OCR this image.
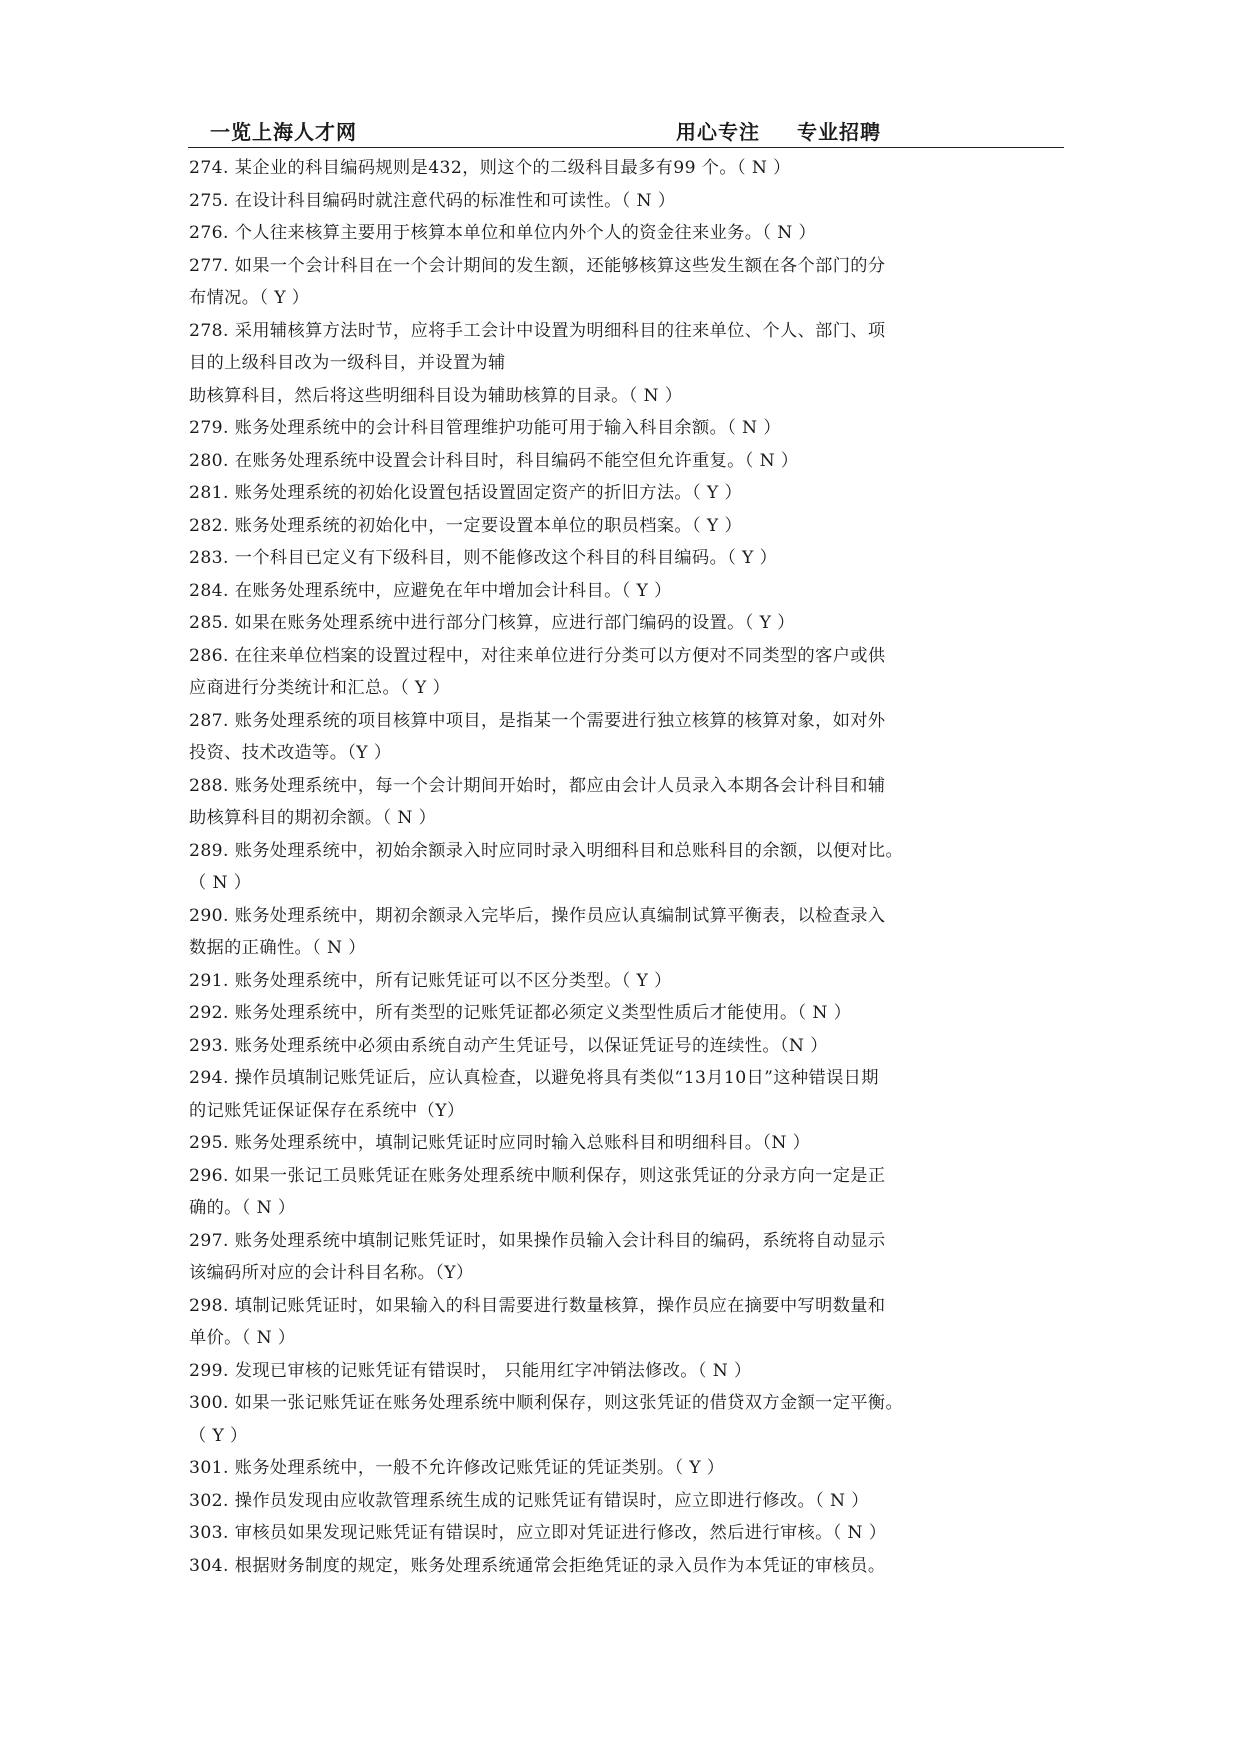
一览上海人才网	用心专注 专业招聘
274. 某企业的科目编码规则是432，则这个的二级科目最多有99 个。（ N ）
275. 在设计科目编码时就注意代码的标准性和可读性。（ N ）
276. 个人往来核算主要用于核算本单位和单位内外个人的资金往来业务。（ N ）
277. 如果一个会计科目在一个会计期间的发生额，还能够核算这些发生额在各个部门的分
布情况。（ Y ）
278. 采用辅核算方法时节，应将手工会计中设置为明细科目的往来单位、个人、部门、项
目的上级科目改为一级科目，并设置为辅
助核算科目，然后将这些明细科目设为辅助核算的目录。（ N ）
279. 账务处理系统中的会计科目管理维护功能可用于输入科目余额。（ N ）
280. 在账务处理系统中设置会计科目时，科目编码不能空但允许重复。（ N ）
281. 账务处理系统的初始化设置包括设置固定资产的折旧方法。（ Y ）
282. 账务处理系统的初始化中，一定要设置本单位的职员档案。（ Y ）
283. 一个科目已定义有下级科目，则不能修改这个科目的科目编码。（ Y ）
284. 在账务处理系统中，应避免在年中增加会计科目。（ Y ）
285. 如果在账务处理系统中进行部分门核算，应进行部门编码的设置。（ Y ）
286. 在往来单位档案的设置过程中，对往来单位进行分类可以方便对不同类型的客户或供
应商进行分类统计和汇总。（ Y ）
287. 账务处理系统的项目核算中项目，是指某一个需要进行独立核算的核算对象，如对外
投资、技术改造等。（Y ）
288. 账务处理系统中，每一个会计期间开始时，都应由会计人员录入本期各会计科目和辅
助核算科目的期初余额。（ N ）
289. 账务处理系统中，初始余额录入时应同时录入明细科目和总账科目的余额，以便对比。
（ N ）
290. 账务处理系统中，期初余额录入完毕后，操作员应认真编制试算平衡表，以检查录入
数据的正确性。（ N ）
291. 账务处理系统中，所有记账凭证可以不区分类型。（ Y ）
292. 账务处理系统中，所有类型的记账凭证都必须定义类型性质后才能使用。（ N ）
293. 账务处理系统中必须由系统自动产生凭证号，以保证凭证号的连续性。（N ）
294. 操作员填制记账凭证后，应认真检查，以避免将具有类似“13月10日”这种错误日期
的记账凭证保证保存在系统中（Y）
295. 账务处理系统中，填制记账凭证时应同时输入总账科目和明细科目。（N ）
296. 如果一张记工员账凭证在账务处理系统中顺利保存，则这张凭证的分录方向一定是正
确的。（ N ）
297. 账务处理系统中填制记账凭证时，如果操作员输入会计科目的编码，系统将自动显示
该编码所对应的会计科目名称。（Y）
298. 填制记账凭证时，如果输入的科目需要进行数量核算，操作员应在摘要中写明数量和
单价。（ N ）
299. 发现已审核的记账凭证有错误时， 只能用红字冲销法修改。（ N ）
300. 如果一张记账凭证在账务处理系统中顺利保存，则这张凭证的借贷双方金额一定平衡。
（ Y ）
301. 账务处理系统中，一般不允许修改记账凭证的凭证类别。（ Y ）
302. 操作员发现由应收款管理系统生成的记账凭证有错误时，应立即进行修改。（ N ）
303. 审核员如果发现记账凭证有错误时，应立即对凭证进行修改，然后进行审核。（ N ）
304. 根据财务制度的规定，账务处理系统通常会拒绝凭证的录入员作为本凭证的审核员。
